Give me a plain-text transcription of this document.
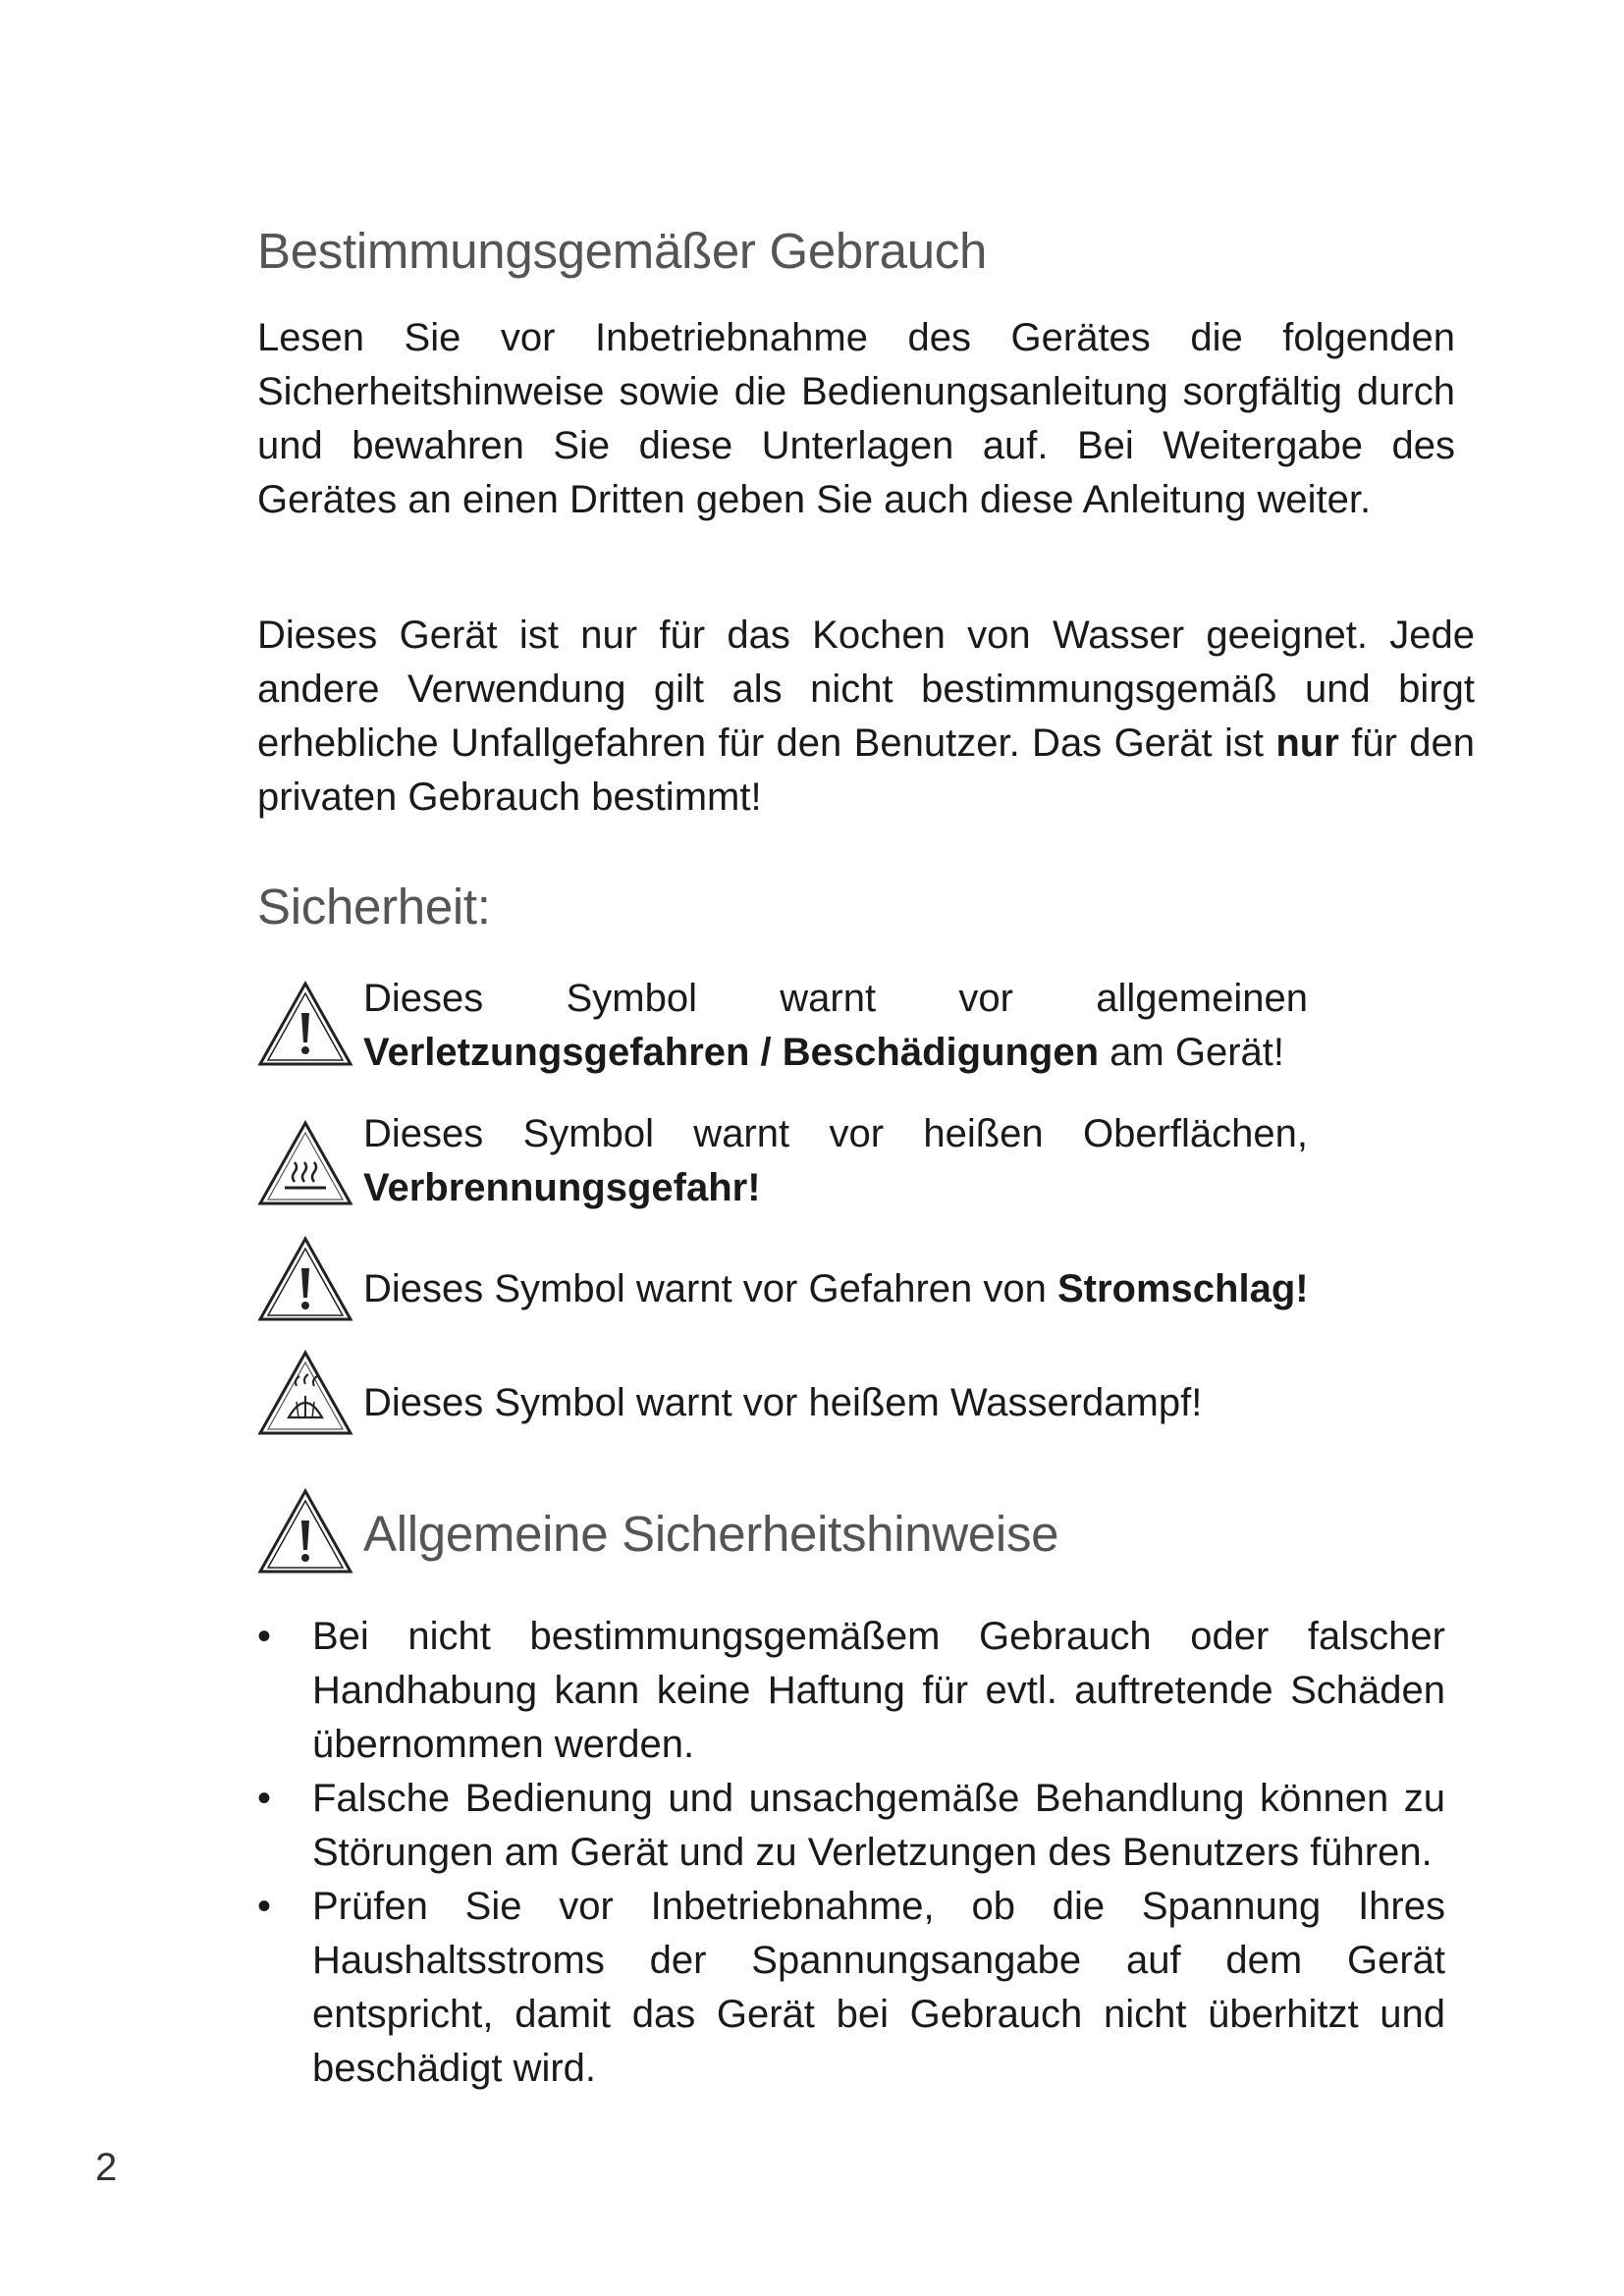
Bestimmungsgemäßer Gebrauch

Lesen Sie vor Inbetriebnahme des Gerätes die folgenden Sicherheitshinweise sowie die Bedienungsanleitung sorgfältig durch und bewahren Sie diese Unterlagen auf. Bei Weitergabe des Gerätes an einen Dritten geben Sie auch diese Anleitung weiter.

Dieses Gerät ist nur für das Kochen von Wasser geeignet. Jede andere Verwendung gilt als nicht bestimmungsgemäß und birgt erhebliche Unfallgefahren für den Benutzer. Das Gerät ist nur für den privaten Gebrauch bestimmt!

Sicherheit:
Dieses Symbol warnt vor allgemeinen
Verletzungsgefahren / Beschädigungen am Gerät!
Dieses Symbol warnt vor heißen Oberflächen,
Verbrennungsgefahr!
Dieses Symbol warnt vor Gefahren von Stromschlag!
Dieses Symbol warnt vor heißem Wasserdampf!
Allgemeine Sicherheitshinweise

• Bei nicht bestimmungsgemäßem Gebrauch oder falscher Handhabung kann keine Haftung für evtl. auftretende Schäden übernommen werden.

• Falsche Bedienung und unsachgemäße Behandlung können zu Störungen am Gerät und zu Verletzungen des Benutzers führen.

• Prüfen Sie vor Inbetriebnahme, ob die Spannung Ihres Haushaltsstroms der Spannungsangabe auf dem Gerät entspricht, damit das Gerät bei Gebrauch nicht überhitzt und beschädigt wird.

2
